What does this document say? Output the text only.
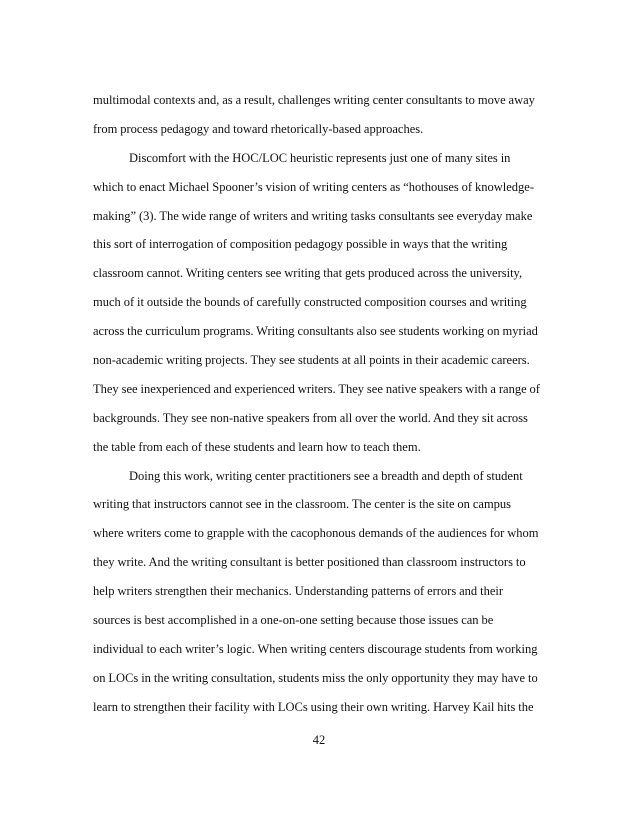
multimodal contexts and, as a result, challenges writing center consultants to move away
from process pedagogy and toward rhetorically-based approaches.
Discomfort with the HOC/LOC heuristic represents just one of many sites in
which to enact Michael Spooner’s vision of writing centers as “hothouses of knowledge-
making” (3). The wide range of writers and writing tasks consultants see everyday make
this sort of interrogation of composition pedagogy possible in ways that the writing
classroom cannot. Writing centers see writing that gets produced across the university,
much of it outside the bounds of carefully constructed composition courses and writing
across the curriculum programs. Writing consultants also see students working on myriad
non-academic writing projects. They see students at all points in their academic careers.
They see inexperienced and experienced writers. They see native speakers with a range of
backgrounds. They see non-native speakers from all over the world. And they sit across
the table from each of these students and learn how to teach them.
Doing this work, writing center practitioners see a breadth and depth of student
writing that instructors cannot see in the classroom. The center is the site on campus
where writers come to grapple with the cacophonous demands of the audiences for whom
they write. And the writing consultant is better positioned than classroom instructors to
help writers strengthen their mechanics. Understanding patterns of errors and their
sources is best accomplished in a one-on-one setting because those issues can be
individual to each writer’s logic. When writing centers discourage students from working
on LOCs in the writing consultation, students miss the only opportunity they may have to
learn to strengthen their facility with LOCs using their own writing. Harvey Kail hits the
42
